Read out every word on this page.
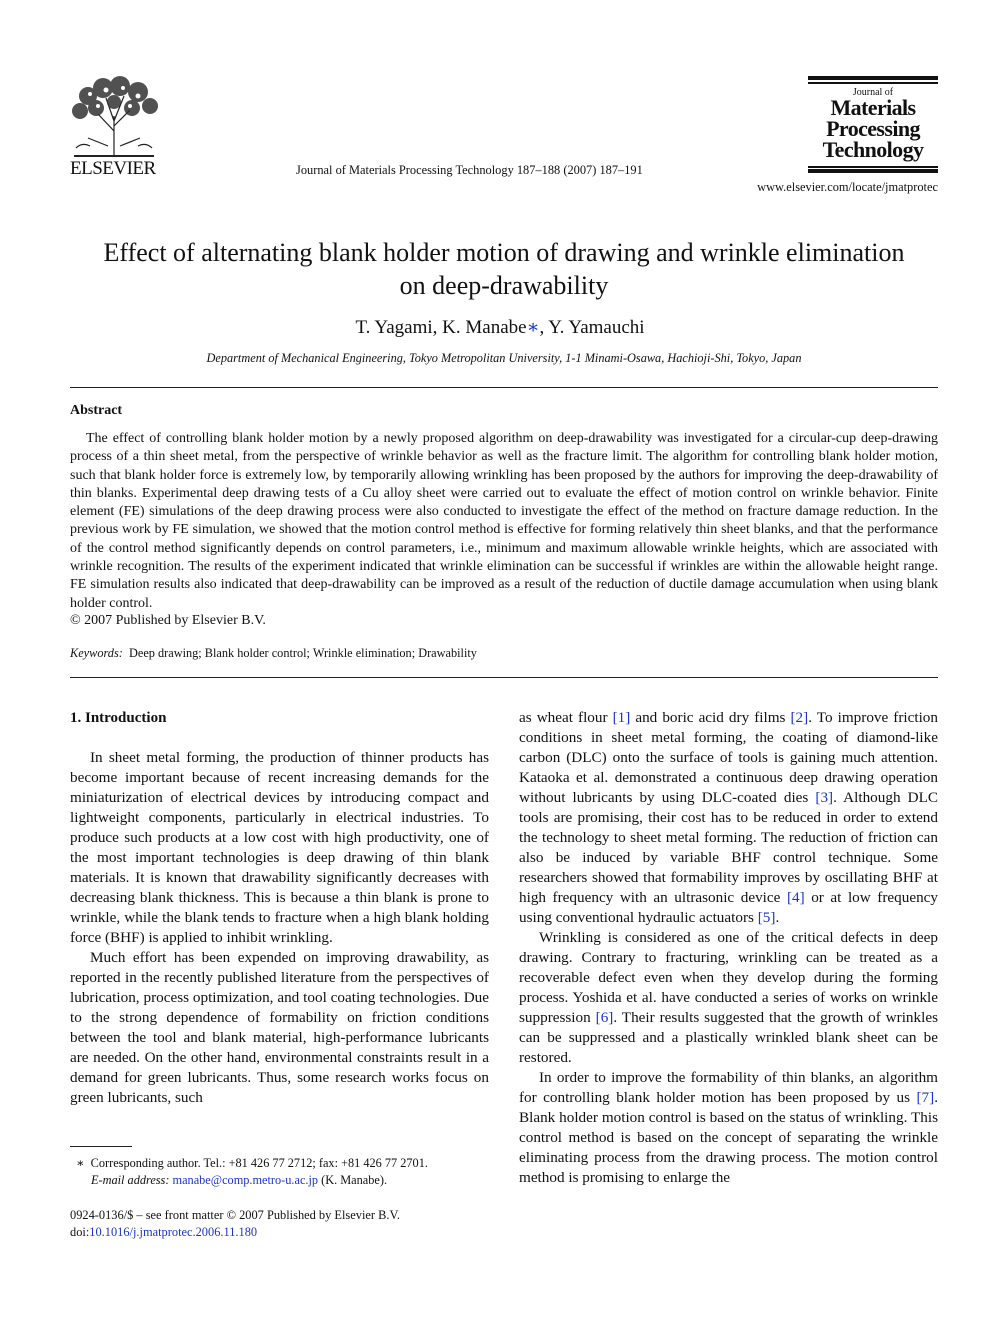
ELSEVIER	Journal of Materials Processing Technology 187–188 (2007) 187–191
Journal of
Materials
Processing
Technology
www.elsevier.com/locate/jmatprotec
Effect of alternating blank holder motion of drawing and wrinkle elimination on deep-drawability
T. Yagami, K. Manabe∗, Y. Yamauchi
Department of Mechanical Engineering, Tokyo Metropolitan University, 1-1 Minami-Osawa, Hachioji-Shi, Tokyo, Japan
Abstract

The effect of controlling blank holder motion by a newly proposed algorithm on deep-drawability was investigated for a circular-cup deep-drawing process of a thin sheet metal, from the perspective of wrinkle behavior as well as the fracture limit. The algorithm for controlling blank holder motion, such that blank holder force is extremely low, by temporarily allowing wrinkling has been proposed by the authors for improving the deep-drawability of thin blanks. Experimental deep drawing tests of a Cu alloy sheet were carried out to evaluate the effect of motion control on wrinkle behavior. Finite element (FE) simulations of the deep drawing process were also conducted to investigate the effect of the method on fracture damage reduction. In the previous work by FE simulation, we showed that the motion control method is effective for forming relatively thin sheet blanks, and that the performance of the control method significantly depends on control parameters, i.e., minimum and maximum allowable wrinkle heights, which are associated with wrinkle recognition. The results of the experiment indicated that wrinkle elimination can be successful if wrinkles are within the allowable height range. FE simulation results also indicated that deep-drawability can be improved as a result of the reduction of ductile damage accumulation when using blank holder control.

© 2007 Published by Elsevier B.V.
Keywords: Deep drawing; Blank holder control; Wrinkle elimination; Drawability
1. Introduction

In sheet metal forming, the production of thinner products has become important because of recent increasing demands for the miniaturization of electrical devices by introducing compact and lightweight components, particularly in electrical industries. To produce such products at a low cost with high productivity, one of the most important technologies is deep drawing of thin blank materials. It is known that drawability significantly decreases with decreasing blank thickness. This is because a thin blank is prone to wrinkle, while the blank tends to fracture when a high blank holding force (BHF) is applied to inhibit wrinkling.

Much effort has been expended on improving drawability, as reported in the recently published literature from the perspectives of lubrication, process optimization, and tool coating technologies. Due to the strong dependence of formability on friction conditions between the tool and blank material, high-performance lubricants are needed. On the other hand, environmental constraints result in a demand for green lubricants. Thus, some research works focus on green lubricants, such

as wheat flour [1] and boric acid dry films [2]. To improve friction conditions in sheet metal forming, the coating of diamond-like carbon (DLC) onto the surface of tools is gaining much attention. Kataoka et al. demonstrated a continuous deep drawing operation without lubricants by using DLC-coated dies [3]. Although DLC tools are promising, their cost has to be reduced in order to extend the technology to sheet metal forming. The reduction of friction can also be induced by variable BHF control technique. Some researchers showed that formability improves by oscillating BHF at high frequency with an ultrasonic device [4] or at low frequency using conventional hydraulic actuators [5].

Wrinkling is considered as one of the critical defects in deep drawing. Contrary to fracturing, wrinkling can be treated as a recoverable defect even when they develop during the forming process. Yoshida et al. have conducted a series of works on wrinkle suppression [6]. Their results suggested that the growth of wrinkles can be suppressed and a plastically wrinkled blank sheet can be restored.

In order to improve the formability of thin blanks, an algorithm for controlling blank holder motion has been proposed by us [7]. Blank holder motion control is based on the status of wrinkling. This control method is based on the concept of separating the wrinkle eliminating process from the drawing process. The motion control method is promising to enlarge the

∗ Corresponding author. Tel.: +81 426 77 2712; fax: +81 426 77 2701.
E-mail address: manabe@comp.metro-u.ac.jp (K. Manabe).
0924-0136/$ – see front matter © 2007 Published by Elsevier B.V.
doi:10.1016/j.jmatprotec.2006.11.180
